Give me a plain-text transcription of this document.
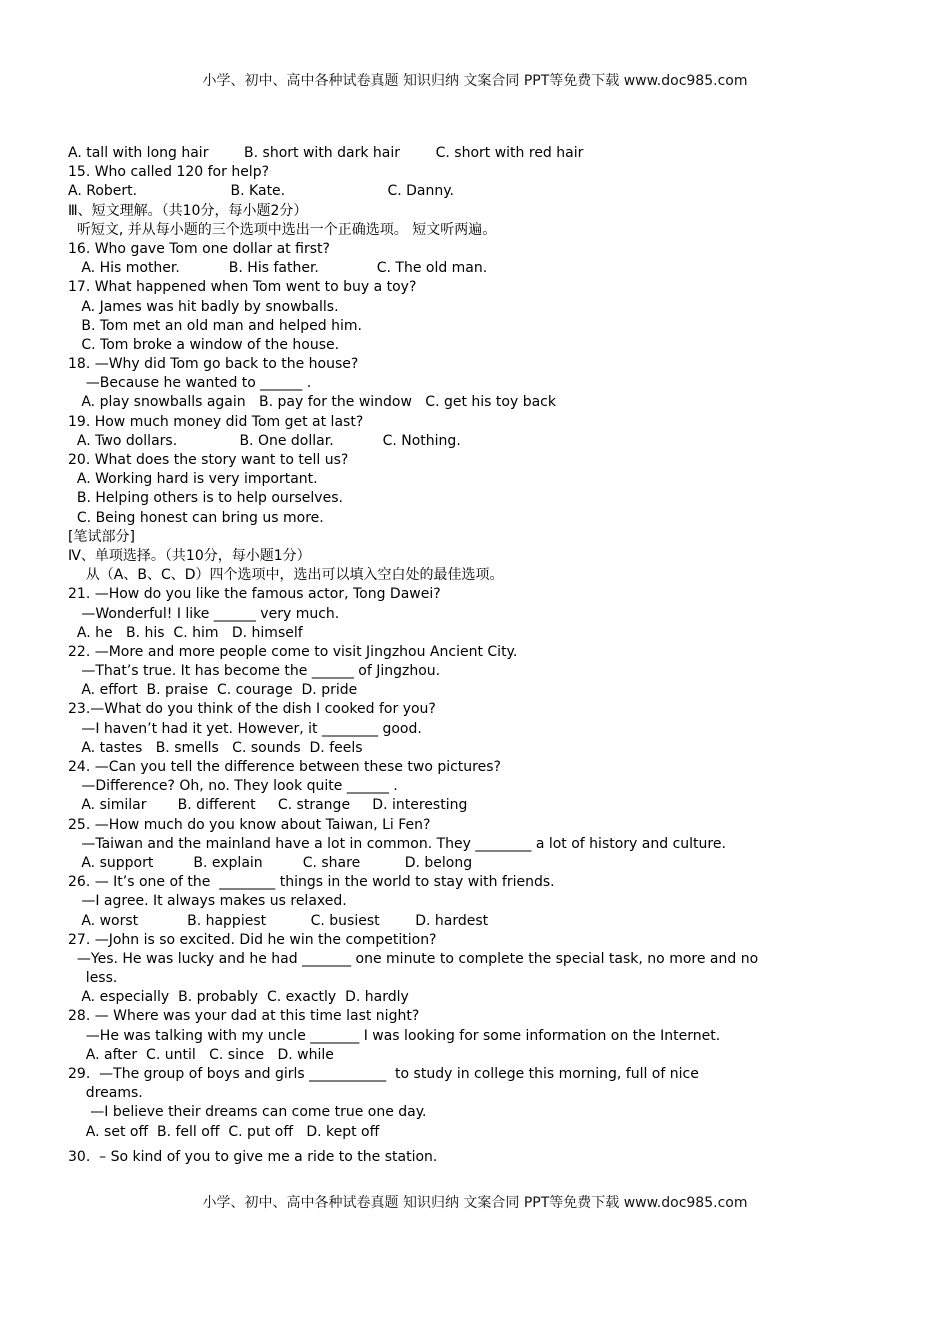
小学、初中、高中各种试卷真题 知识归纳 文案合同 PPT等免费下载 www.doc985.com
A. tall with long hair        B. short with dark hair        C. short with red hair
15. Who called 120 for help?
A. Robert.                     B. Kate.                       C. Danny.
Ⅲ、短文理解。（共10分，每小题2分）
听短文, 并从每小题的三个选项中选出一个正确选项。 短文听两遍。
16. Who gave Tom one dollar at first?
A. His mother.           B. His father.             C. The old man.
17. What happened when Tom went to buy a toy?
A. James was hit badly by snowballs.
B. Tom met an old man and helped him.
C. Tom broke a window of the house.
18. —Why did Tom go back to the house?
—Because he wanted to ______ .
A. play snowballs again   B. pay for the window   C. get his toy back
19. How much money did Tom get at last?
A. Two dollars.              B. One dollar.           C. Nothing.
20. What does the story want to tell us?
A. Working hard is very important.
B. Helping others is to help ourselves.
C. Being honest can bring us more.
[笔试部分]
Ⅳ、单项选择。（共10分，每小题1分）
从（A、B、C、D）四个选项中，选出可以填入空白处的最佳选项。
21. —How do you like the famous actor, Tong Dawei?
—Wonderful! I like ______ very much.
A. he   B. his  C. him   D. himself
22. —More and more people come to visit Jingzhou Ancient City.
—That’s true. It has become the ______ of Jingzhou.
A. effort  B. praise  C. courage  D. pride
23.—What do you think of the dish I cooked for you?
—I haven’t had it yet. However, it ________ good.
A. tastes   B. smells   C. sounds  D. feels
24. —Can you tell the difference between these two pictures?
—Difference? Oh, no. They look quite ______ .
A. similar       B. different     C. strange     D. interesting
25. —How much do you know about Taiwan, Li Fen?
—Taiwan and the mainland have a lot in common. They ________ a lot of history and culture.
A. support         B. explain         C. share          D. belong
26. — It’s one of the  ________ things in the world to stay with friends.
—I agree. It always makes us relaxed.
A. worst           B. happiest          C. busiest        D. hardest
27. —John is so excited. Did he win the competition?
—Yes. He was lucky and he had _______ one minute to complete the special task, no more and no
less.
A. especially  B. probably  C. exactly  D. hardly
28. — Where was your dad at this time last night?
—He was talking with my uncle _______ I was looking for some information on the Internet.
A. after  C. until   C. since   D. while
29.  —The group of boys and girls ___________  to study in college this morning, full of nice
dreams.
—I believe their dreams can come true one day.
A. set off  B. fell off  C. put off   D. kept off
30.  – So kind of you to give me a ride to the station.
小学、初中、高中各种试卷真题 知识归纳 文案合同 PPT等免费下载 www.doc985.com
